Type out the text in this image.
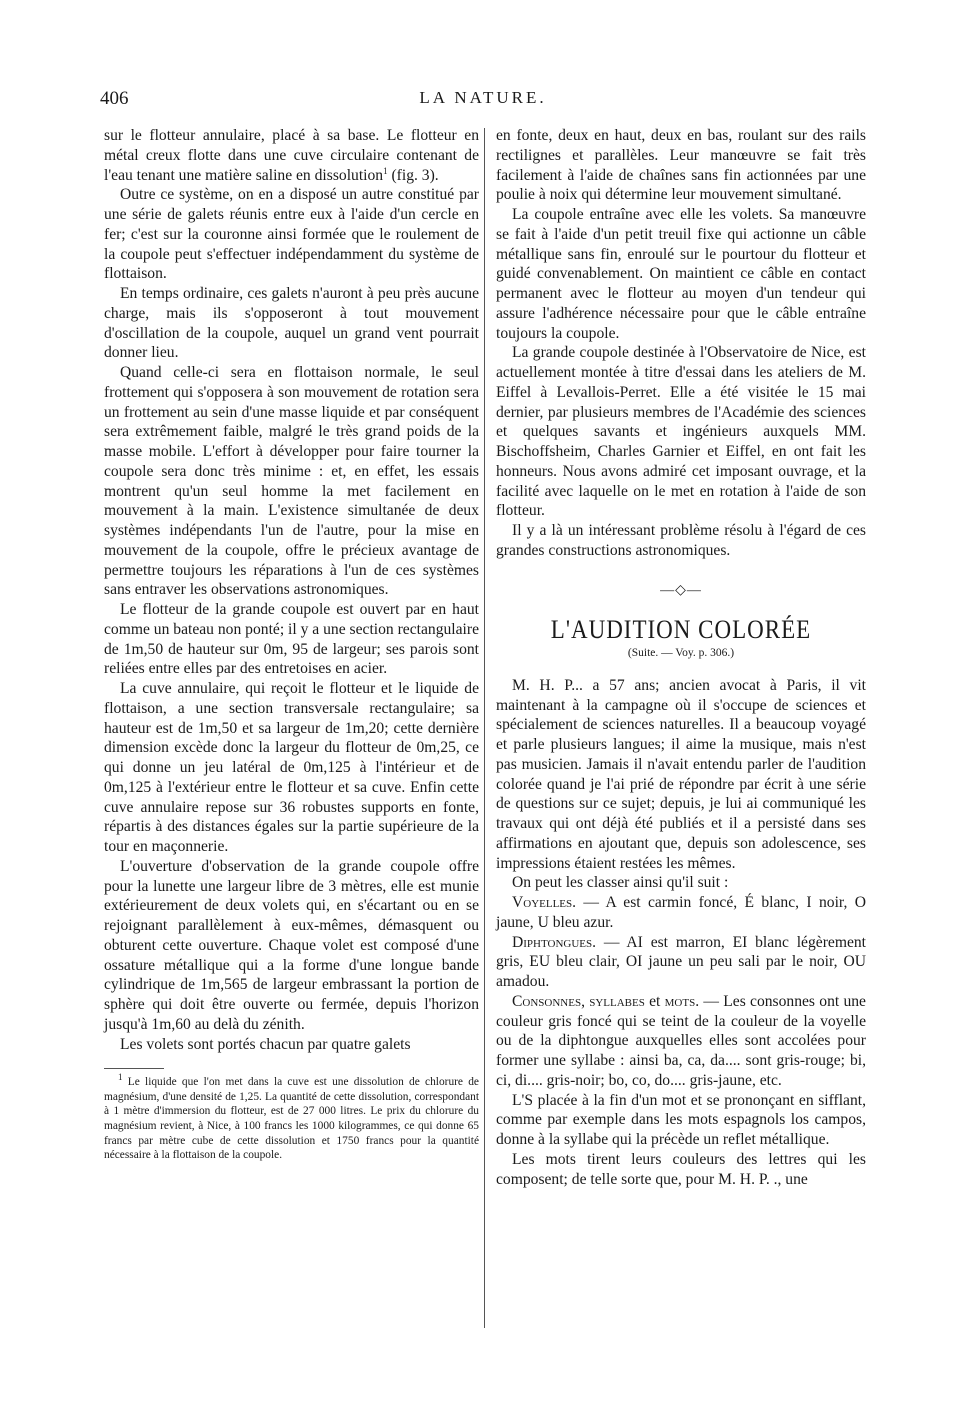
406	LA NATURE.

sur le flotteur annulaire, placé à sa base. Le flotteur en métal creux flotte dans une cuve circulaire contenant de l'eau tenant une matière saline en dissolution$^1$ (fig. 3).

Outre ce système, on en a disposé un autre constitué par une série de galets réunis entre eux à l'aide d'un cercle en fer; c'est sur la couronne ainsi formée que le roulement de la coupole peut s'effectuer indépendamment du système de flottaison.

En temps ordinaire, ces galets n'auront à peu près aucune charge, mais ils s'opposeront à tout mouvement d'oscillation de la coupole, auquel un grand vent pourrait donner lieu.

Quand celle-ci sera en flottaison normale, le seul frottement qui s'opposera à son mouvement de rotation sera un frottement au sein d'une masse liquide et par conséquent sera extrêmement faible, malgré le très grand poids de la masse mobile. L'effort à développer pour faire tourner la coupole sera donc très minime : et, en effet, les essais montrent qu'un seul homme la met facilement en mouvement à la main. L'existence simultanée de deux systèmes indépendants l'un de l'autre, pour la mise en mouvement de la coupole, offre le précieux avantage de permettre toujours les réparations à l'un de ces systèmes sans entraver les observations astronomiques.

Le flotteur de la grande coupole est ouvert par en haut comme un bateau non ponté; il y a une section rectangulaire de 1m,50 de hauteur sur 0m, 95 de largeur; ses parois sont reliées entre elles par des entretoises en acier.

La cuve annulaire, qui reçoit le flotteur et le liquide de flottaison, a une section transversale rectangulaire; sa hauteur est de 1m,50 et sa largeur de 1m,20; cette dernière dimension excède donc la largeur du flotteur de 0m,25, ce qui donne un jeu latéral de 0m,125 à l'intérieur et de 0m,125 à l'extérieur entre le flotteur et sa cuve. Enfin cette cuve annulaire repose sur 36 robustes supports en fonte, répartis à des distances égales sur la partie supérieure de la tour en maçonnerie.

L'ouverture d'observation de la grande coupole offre pour la lunette une largeur libre de 3 mètres, elle est munie extérieurement de deux volets qui, en s'écartant ou en se rejoignant parallèlement à eux-mêmes, démasquent ou obturent cette ouverture. Chaque volet est composé d'une ossature métallique qui a la forme d'une longue bande cylindrique de 1m,565 de largeur embrassant la portion de sphère qui doit être ouverte ou fermée, depuis l'horizon jusqu'à 1m,60 au delà du zénith.

Les volets sont portés chacun par quatre galets

$^1$ Le liquide que l'on met dans la cuve est une dissolution de chlorure de magnésium, d'une densité de 1,25. La quantité de cette dissolution, correspondant à 1 mètre d'immersion du flotteur, est de 27 000 litres. Le prix du chlorure du magnésium revient, à Nice, à 100 francs les 1000 kilogrammes, ce qui donne 65 francs par mètre cube de cette dissolution et 1750 francs pour la quantité nécessaire à la flottaison de la coupole.

en fonte, deux en haut, deux en bas, roulant sur des rails rectilignes et parallèles. Leur manœuvre se fait très facilement à l'aide de chaînes sans fin actionnées par une poulie à noix qui détermine leur mouvement simultané.

La coupole entraîne avec elle les volets. Sa manœuvre se fait à l'aide d'un petit treuil fixe qui actionne un câble métallique sans fin, enroulé sur le pourtour du flotteur et guidé convenablement. On maintient ce câble en contact permanent avec le flotteur au moyen d'un tendeur qui assure l'adhérence nécessaire pour que le câble entraîne toujours la coupole.

La grande coupole destinée à l'Observatoire de Nice, est actuellement montée à titre d'essai dans les ateliers de M. Eiffel à Levallois-Perret. Elle a été visitée le 15 mai dernier, par plusieurs membres de l'Académie des sciences et quelques savants et ingénieurs auxquels MM. Bischoffsheim, Charles Garnier et Eiffel, en ont fait les honneurs. Nous avons admiré cet imposant ouvrage, et la facilité avec laquelle on le met en rotation à l'aide de son flotteur.

Il y a là un intéressant problème résolu à l'égard de ces grandes constructions astronomiques.

—◇—
L'AUDITION COLORÉE
(Suite. — Voy. p. 306.)

M. H. P... a 57 ans; ancien avocat à Paris, il vit maintenant à la campagne où il s'occupe de sciences et spécialement de sciences naturelles. Il a beaucoup voyagé et parle plusieurs langues; il aime la musique, mais n'est pas musicien. Jamais il n'avait entendu parler de l'audition colorée quand je l'ai prié de répondre par écrit à une série de questions sur ce sujet; depuis, je lui ai communiqué les travaux qui ont déjà été publiés et il a persisté dans ses affirmations en ajoutant que, depuis son adolescence, ses impressions étaient restées les mêmes.

On peut les classer ainsi qu'il suit :

Voyelles. — A est carmin foncé, É blanc, I noir, O jaune, U bleu azur.

Diphtongues. — AI est marron, EI blanc légèrement gris, EU bleu clair, OI jaune un peu sali par le noir, OU amadou.

Consonnes, syllabes et mots. — Les consonnes ont une couleur gris foncé qui se teint de la couleur de la voyelle ou de la diphtongue auxquelles elles sont accolées pour former une syllabe : ainsi ba, ca, da.... sont gris-rouge; bi, ci, di.... gris-noir; bo, co, do.... gris-jaune, etc.

L'S placée à la fin d'un mot et se prononçant en sifflant, comme par exemple dans les mots espagnols los campos, donne à la syllabe qui la précède un reflet métallique.

Les mots tirent leurs couleurs des lettres qui les composent; de telle sorte que, pour M. H. P. ., une
